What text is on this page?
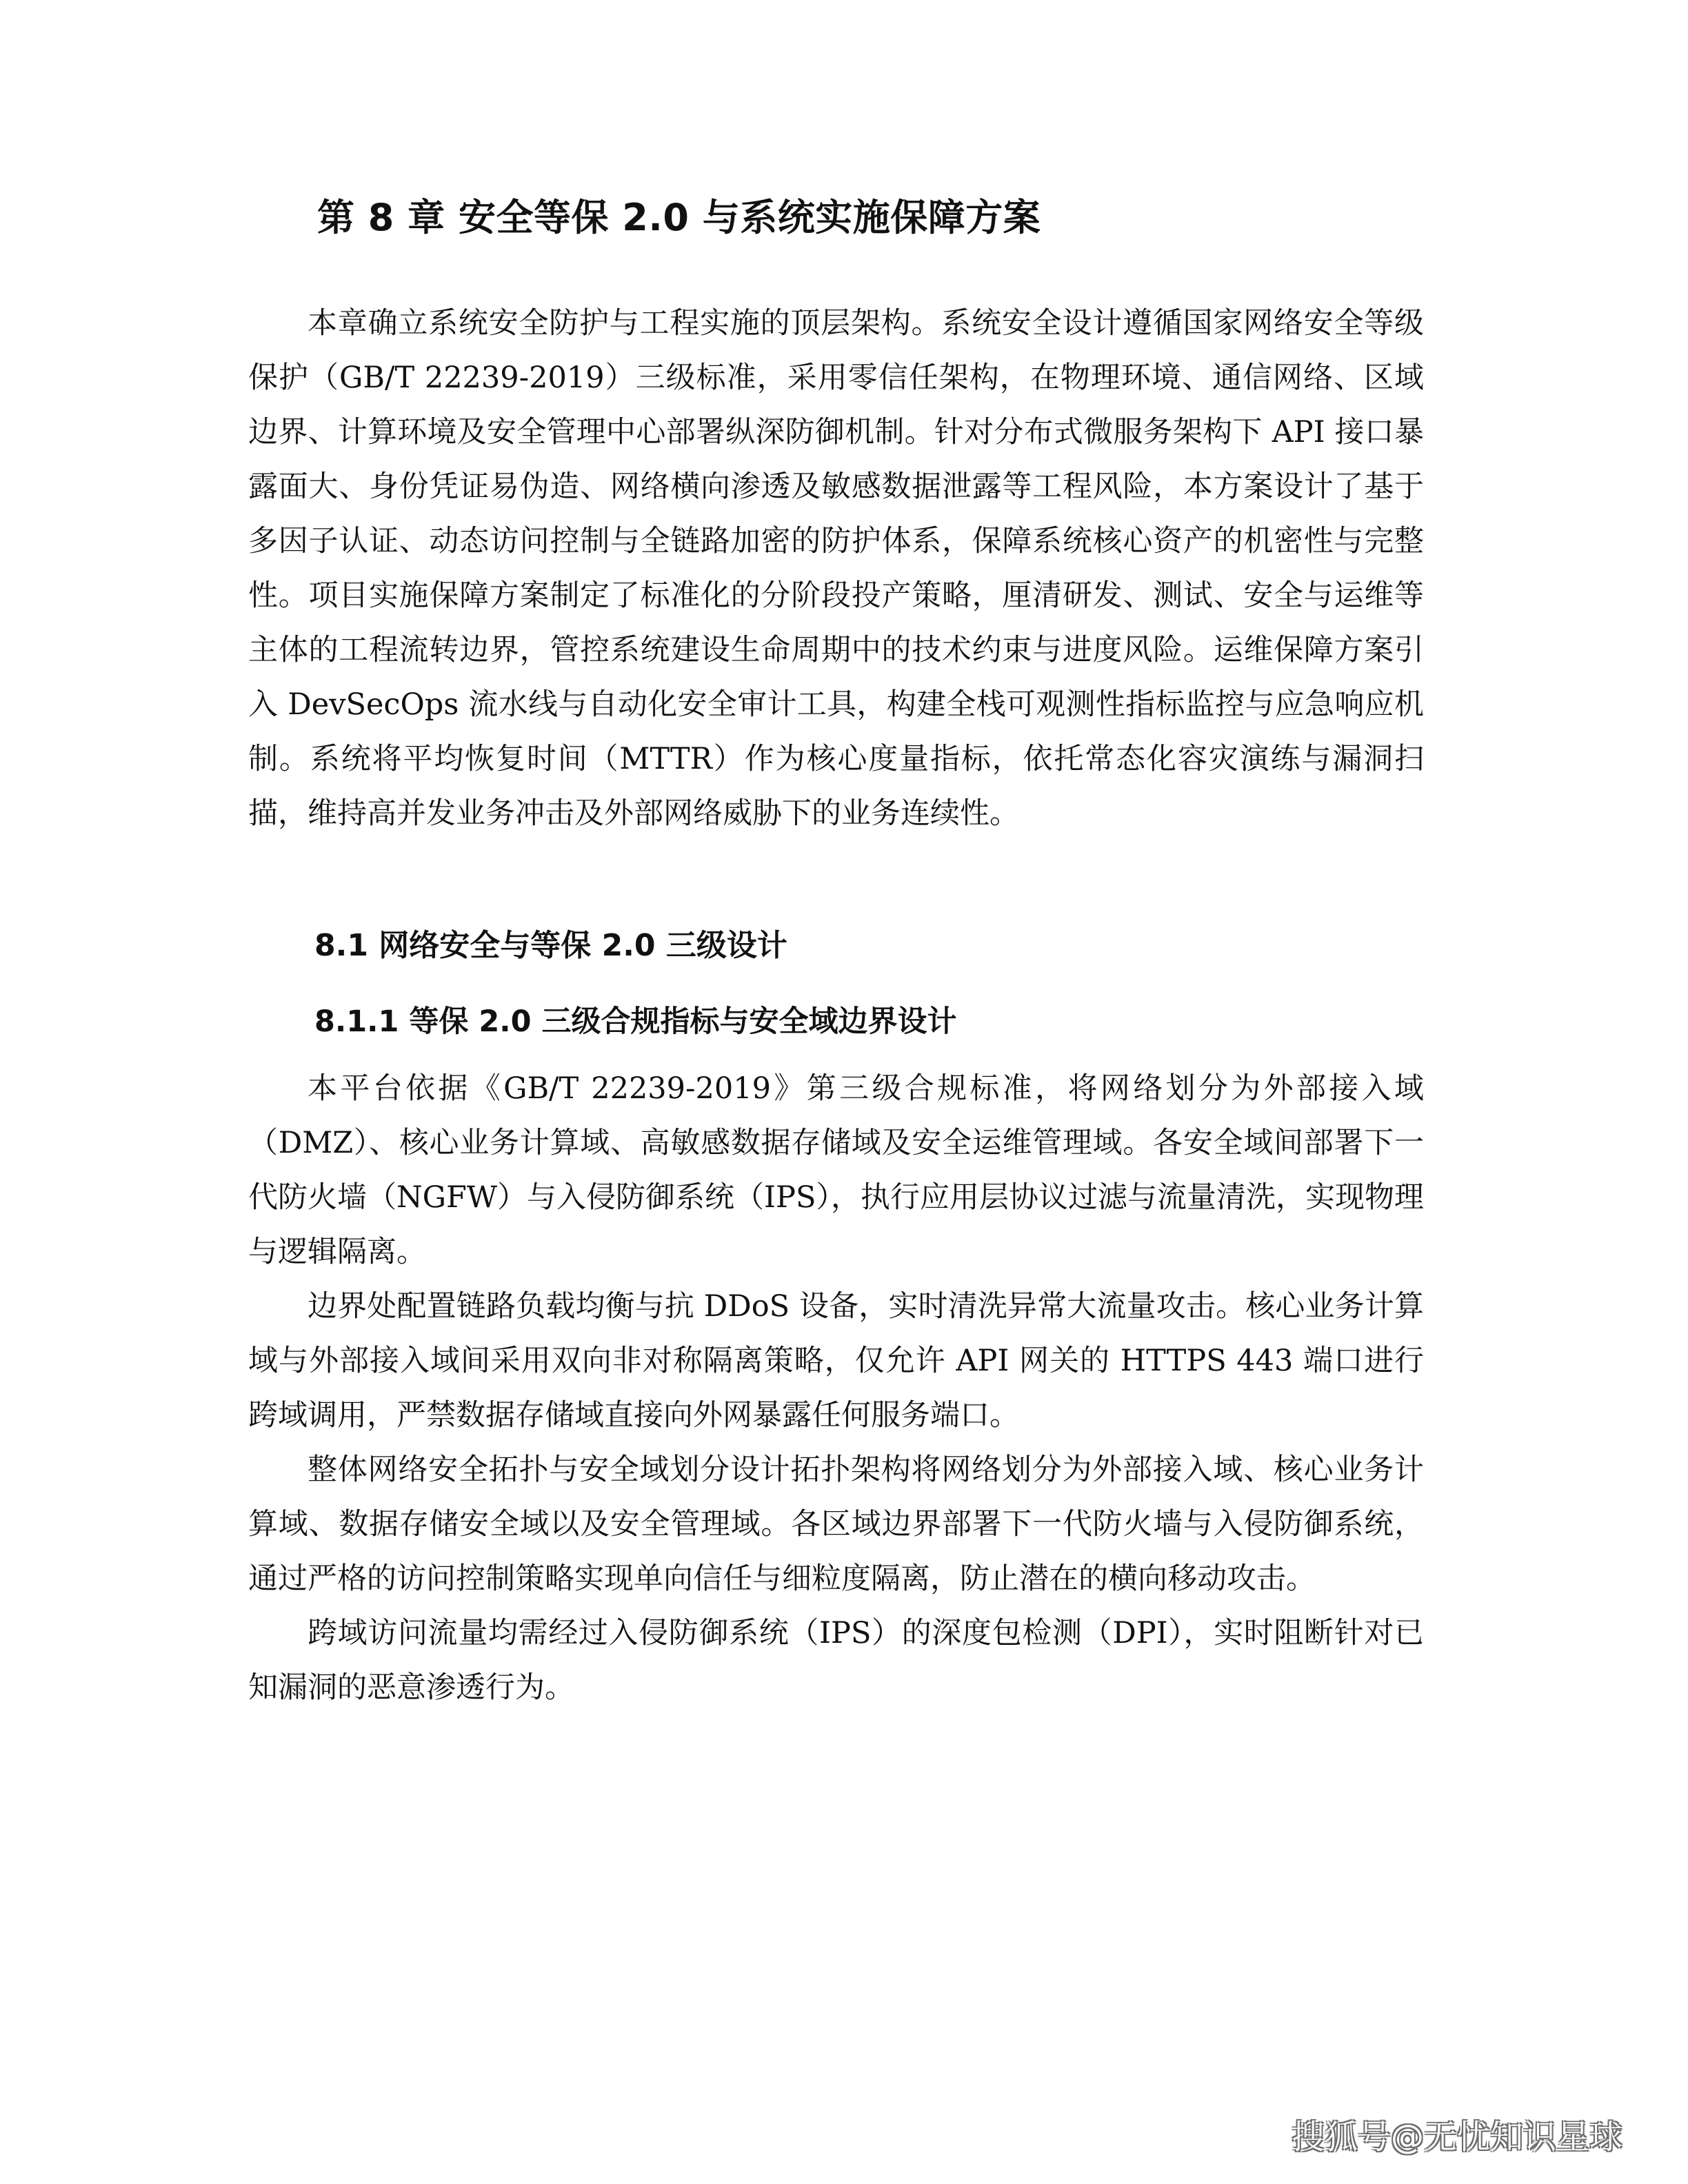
第 8 章 安全等保 2.0 与系统实施保障方案

本章确立系统安全防护与工程实施的顶层架构。系统安全设计遵循国家网络安全等级保护（GB/T 22239-2019）三级标准，采用零信任架构，在物理环境、通信网络、区域边界、计算环境及安全管理中心部署纵深防御机制。针对分布式微服务架构下 API 接口暴露面大、身份凭证易伪造、网络横向渗透及敏感数据泄露等工程风险，本方案设计了基于多因子认证、动态访问控制与全链路加密的防护体系，保障系统核心资产的机密性与完整性。项目实施保障方案制定了标准化的分阶段投产策略，厘清研发、测试、安全与运维等主体的工程流转边界，管控系统建设生命周期中的技术约束与进度风险。运维保障方案引入 DevSecOps 流水线与自动化安全审计工具，构建全栈可观测性指标监控与应急响应机制。系统将平均恢复时间（MTTR）作为核心度量指标，依托常态化容灾演练与漏洞扫描，维持高并发业务冲击及外部网络威胁下的业务连续性。

8.1 网络安全与等保 2.0 三级设计
8.1.1 等保 2.0 三级合规指标与安全域边界设计

本平台依据《GB/T 22239-2019》第三级合规标准，将网络划分为外部接入域（DMZ）、核心业务计算域、高敏感数据存储域及安全运维管理域。各安全域间部署下一代防火墙（NGFW）与入侵防御系统（IPS），执行应用层协议过滤与流量清洗，实现物理与逻辑隔离。

边界处配置链路负载均衡与抗 DDoS 设备，实时清洗异常大流量攻击。核心业务计算域与外部接入域间采用双向非对称隔离策略，仅允许 API 网关的 HTTPS 443 端口进行跨域调用，严禁数据存储域直接向外网暴露任何服务端口。

整体网络安全拓扑与安全域划分设计拓扑架构将网络划分为外部接入域、核心业务计算域、数据存储安全域以及安全管理域。各区域边界部署下一代防火墙与入侵防御系统，通过严格的访问控制策略实现单向信任与细粒度隔离，防止潜在的横向移动攻击。

跨域访问流量均需经过入侵防御系统（IPS）的深度包检测（DPI），实时阻断针对已知漏洞的恶意渗透行为。

搜狐号@无忧知识星球
